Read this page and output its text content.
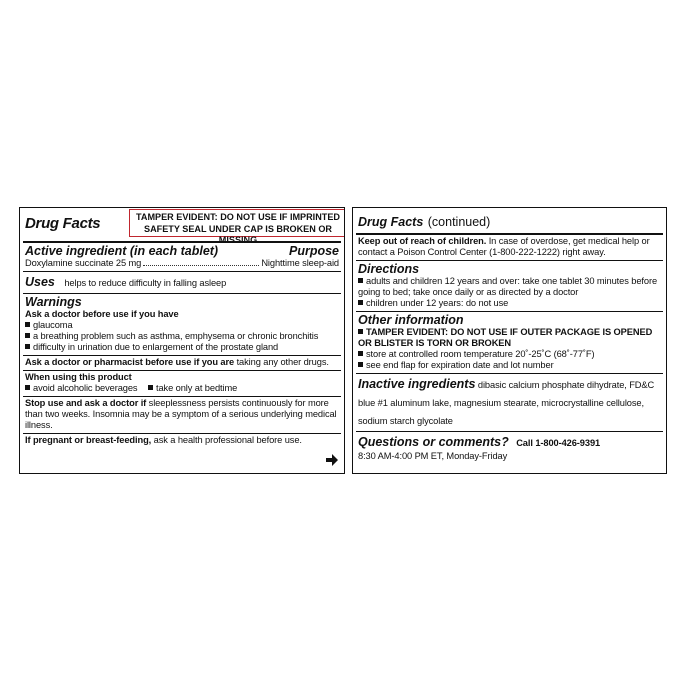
Drug Facts	TAMPER EVIDENT: DO NOT USE IF IMPRINTED
SAFETY SEAL UNDER CAP IS BROKEN OR MISSING
Active ingredient (in each tablet)	Purpose
Doxylamine succinate 25 mg	Nighttime sleep-aid
Uses helps to reduce difficulty in falling asleep
Warnings
Ask a doctor before use if you have
glaucoma
a breathing problem such as asthma, emphysema or chronic bronchitis
difficulty in urination due to enlargement of the prostate gland
Ask a doctor or pharmacist before use if you are taking any other drugs.
When using this product
avoid alcoholic beverages take only at bedtime
Stop use and ask a doctor if sleeplessness persists continuously for more than two weeks. Insomnia may be a symptom of a serious underlying medical illness.
If pregnant or breast-feeding, ask a health professional before use.
Drug Facts (continued)
Keep out of reach of children. In case of overdose, get medical help or contact a Poison Control Center (1-800-222-1222) right away.
Directions
adults and children 12 years and over: take one tablet 30 minutes before going to bed; take once daily or as directed by a doctor
children under 12 years: do not use
Other information
TAMPER EVIDENT: DO NOT USE IF OUTER PACKAGE IS OPENED OR BLISTER IS TORN OR BROKEN
store at controlled room temperature 20˚-25˚C (68˚-77˚F)
see end flap for expiration date and lot number
Inactive ingredients dibasic calcium phosphate dihydrate, FD&C blue #1 aluminum lake, magnesium stearate, microcrystalline cellulose, sodium starch glycolate
Questions or comments? Call 1-800-426-9391
8:30 AM-4:00 PM ET, Monday-Friday
